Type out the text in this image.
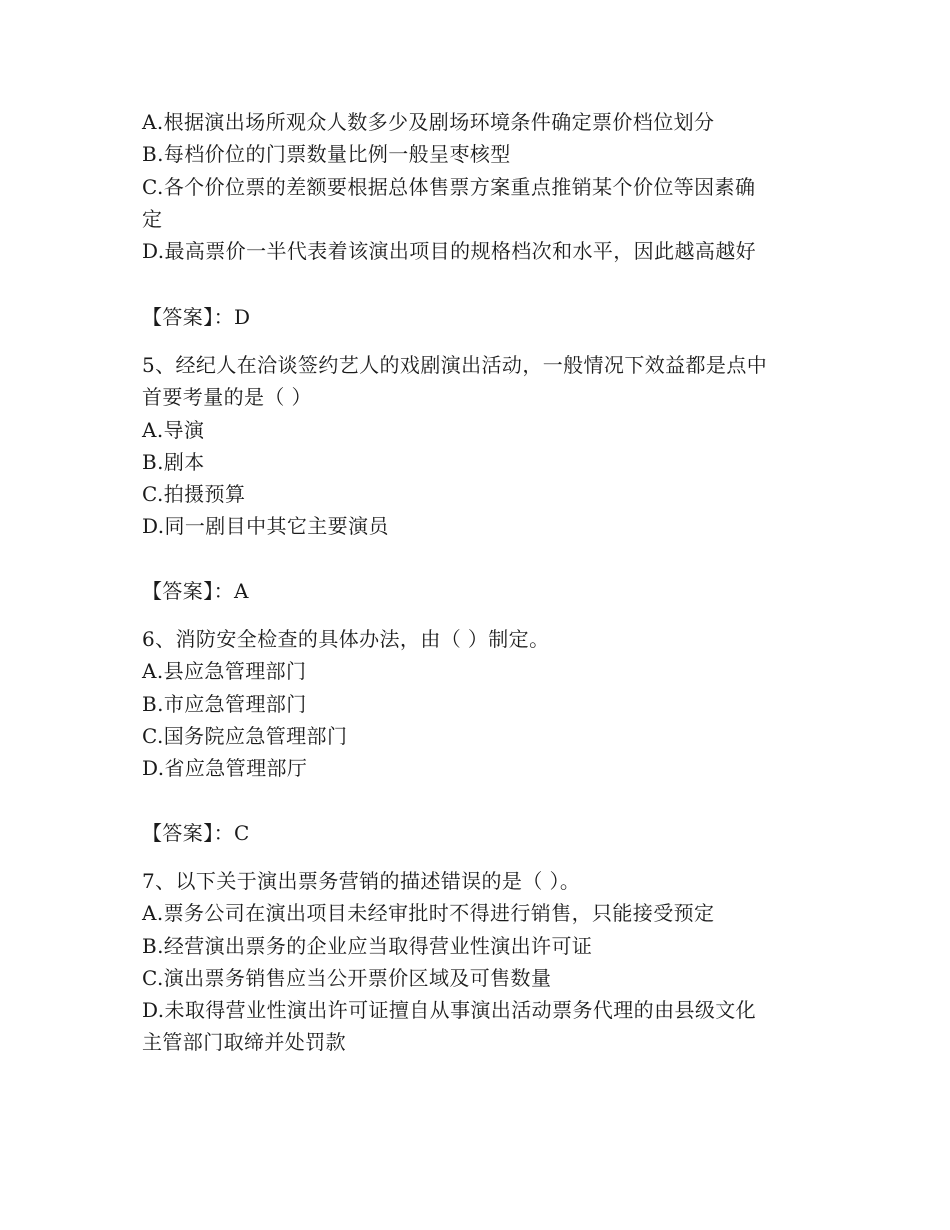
A.根据演出场所观众人数多少及剧场环境条件确定票价档位划分
B.每档价位的门票数量比例一般呈枣核型
C.各个价位票的差额要根据总体售票方案重点推销某个价位等因素确
定
D.最高票价一半代表着该演出项目的规格档次和水平，因此越高越好
【答案】：D
5、经纪人在洽谈签约艺人的戏剧演出活动，一般情况下效益都是点中
首要考量的是（ ）
A.导演
B.剧本
C.拍摄预算
D.同一剧目中其它主要演员
【答案】：A
6、消防安全检查的具体办法，由（ ）制定。
A.县应急管理部门
B.市应急管理部门
C.国务院应急管理部门
D.省应急管理部厅
【答案】：C
7、以下关于演出票务营销的描述错误的是（ ）。
A.票务公司在演出项目未经审批时不得进行销售，只能接受预定
B.经营演出票务的企业应当取得营业性演出许可证
C.演出票务销售应当公开票价区域及可售数量
D.未取得营业性演出许可证擅自从事演出活动票务代理的由县级文化
主管部门取缔并处罚款
